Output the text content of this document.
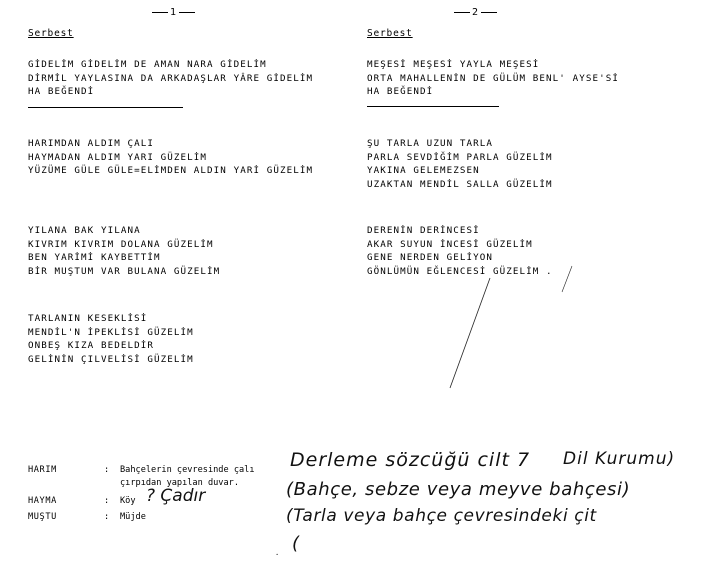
1	2
Serbest
GİDELİM GİDELİM DE AMAN NARA GİDELİM
DİRMİL YAYLASINA DA ARKADAŞLAR YÂRE GİDELİM
HA BEĞENDİ
HARIMDAN ALDIM ÇALI
HAYMADAN ALDIM YARI GÜZELİM
YÜZÜME GÜLE GÜLE=ELİMDEN ALDIN YARİ GÜZELİM
YILANA BAK YILANA
KIVRIM KIVRIM DOLANA GÜZELİM
BEN YARİMİ KAYBETTİM
BİR MUŞTUM VAR BULANA GÜZELİM
TARLANIN KESEKLİSİ
MENDİL'N İPEKLİSİ GÜZELİM
ONBEŞ KIZA BEDELDİR
GELİNİN ÇILVELİSİ GÜZELİM
Serbest
MEŞESİ MEŞESİ YAYLA MEŞESİ
ORTA MAHALLENİN DE GÜLÜM BENL' AYSE'Sİ
HA BEĞENDİ
ŞU TARLA UZUN TARLA
PARLA SEVDİĞİM PARLA GÜZELİM
YAKINA GELEMEZSEN
UZAKTAN MENDİL SALLA GÜZELİM
DERENİN DERİNCESİ
AKAR SUYUN İNCESİ GÜZELİM
GENE NERDEN GELİYON
GÖNLÜMÜN EĞLENCESİ GÜZELİM .
HARIM	: Bahçelerin çevresinde çalı
çırpıdan yapılan duvar.
HAYMA	: Köy
MUŞTU	: Müjde
? Çadır
Derleme sözcüğü cilt 7 Dil Kurumu)
(Bahçe, sebze veya meyve bahçesi)
(Tarla veya bahçe çevresindeki çit
(
.
